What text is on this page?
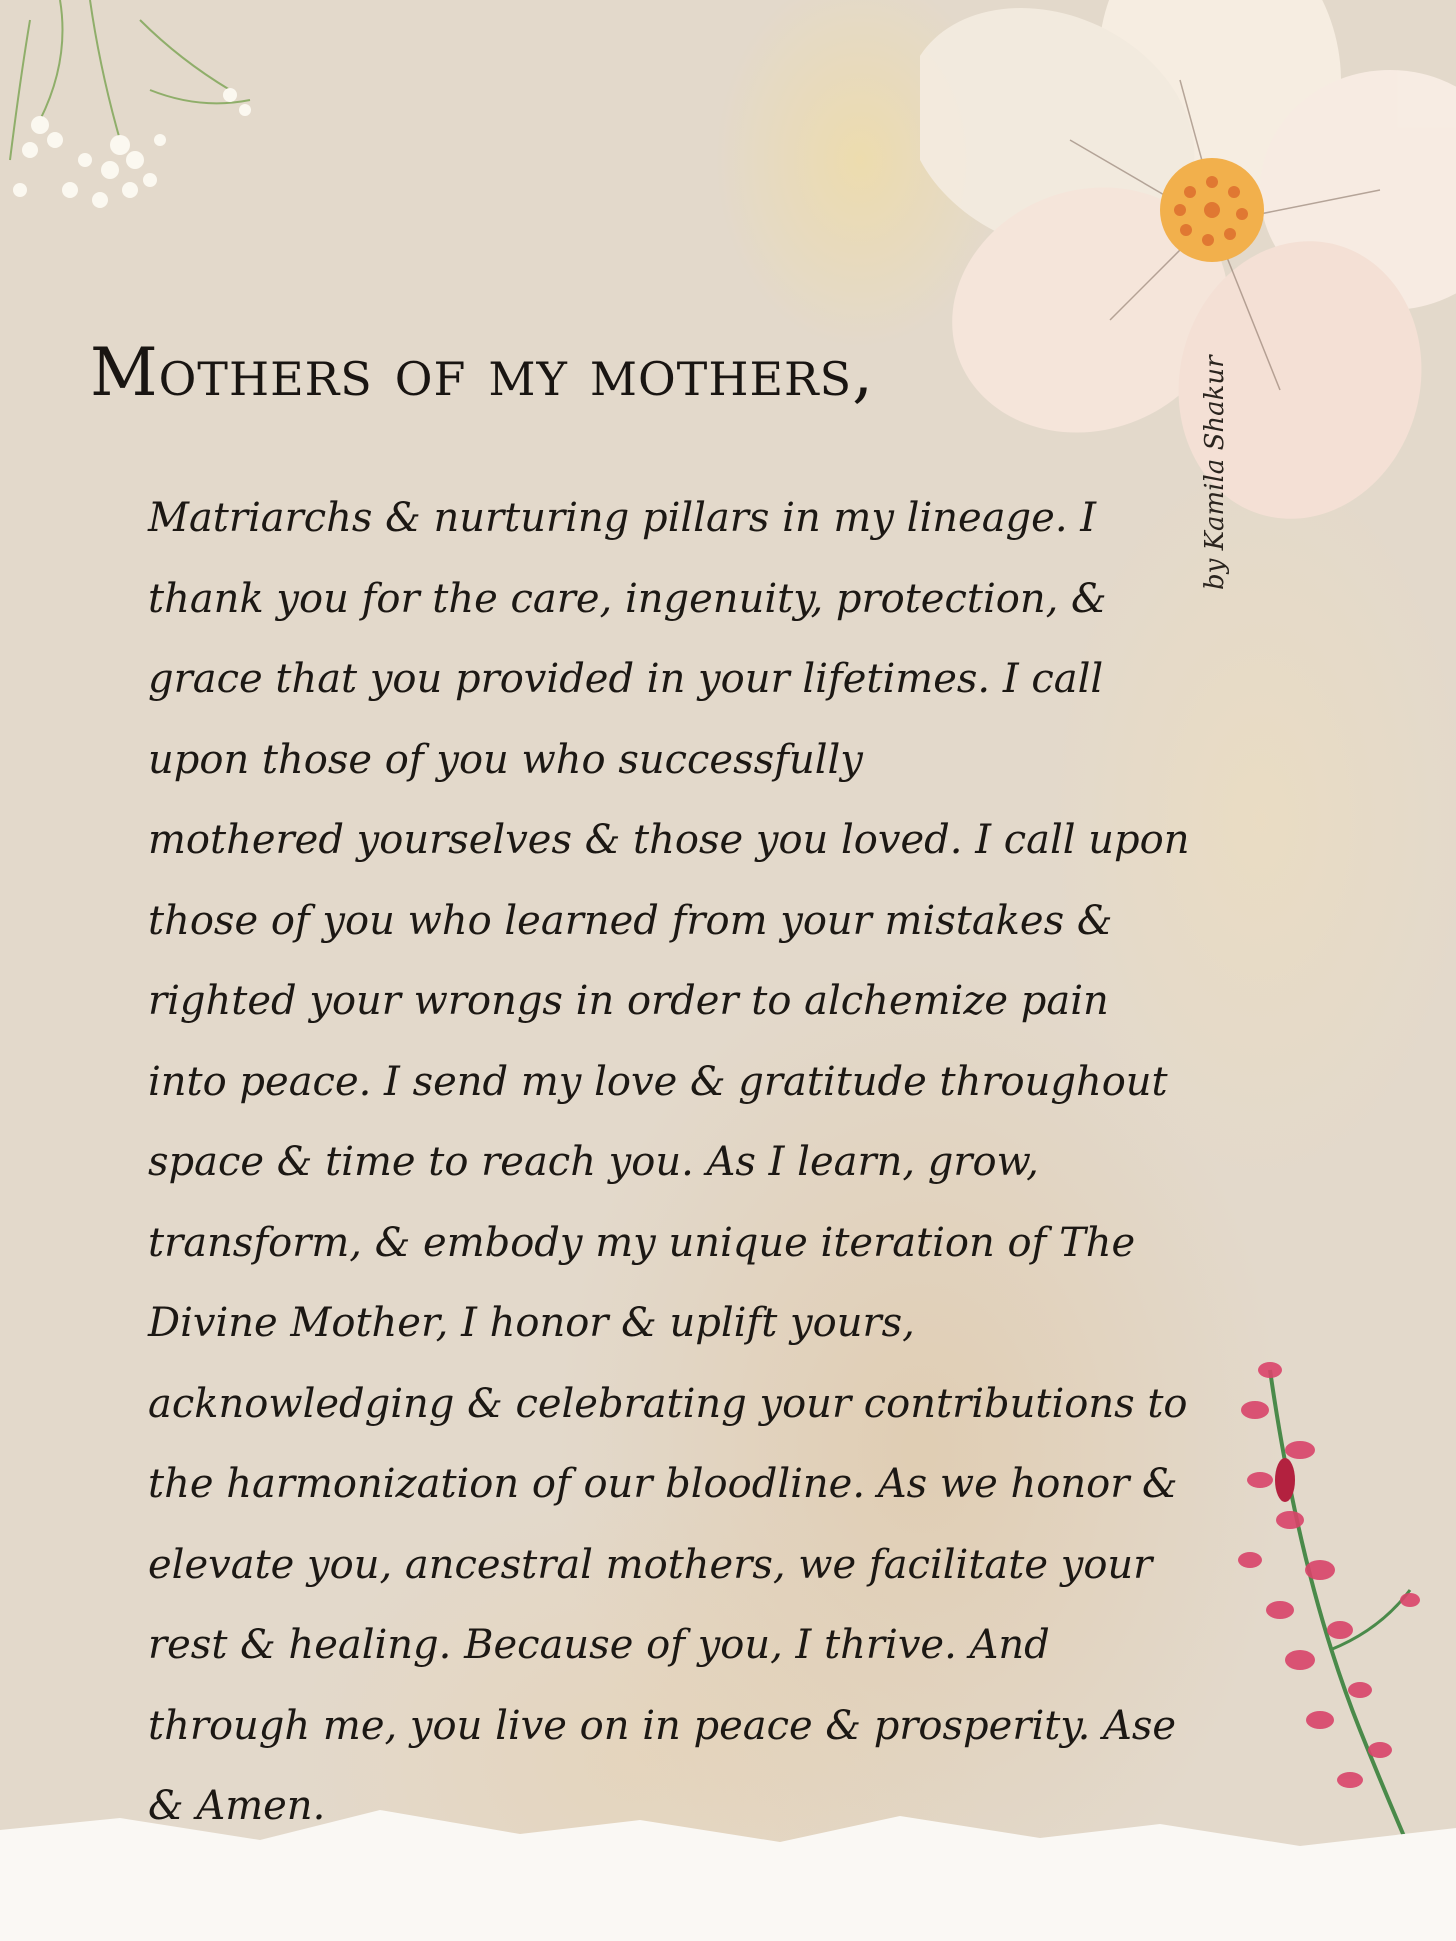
Mothers of my mothers,	by Kamila Shakur
Matriarchs & nurturing pillars in my lineage. I
thank you for the care, ingenuity, protection, &
grace that you provided in your lifetimes. I call
upon those of you who successfully
mothered yourselves & those you loved. I call upon
those of you who learned from your mistakes &
righted your wrongs in order to alchemize pain
into peace. I send my love & gratitude throughout
space & time to reach you. As I learn, grow,
transform, & embody my unique iteration of The
Divine Mother, I honor & uplift yours,
acknowledging & celebrating your contributions to
the harmonization of our bloodline. As we honor &
elevate you, ancestral mothers, we facilitate your
rest & healing. Because of you, I thrive. And
through me, you live on in peace & prosperity. Ase
& Amen.
